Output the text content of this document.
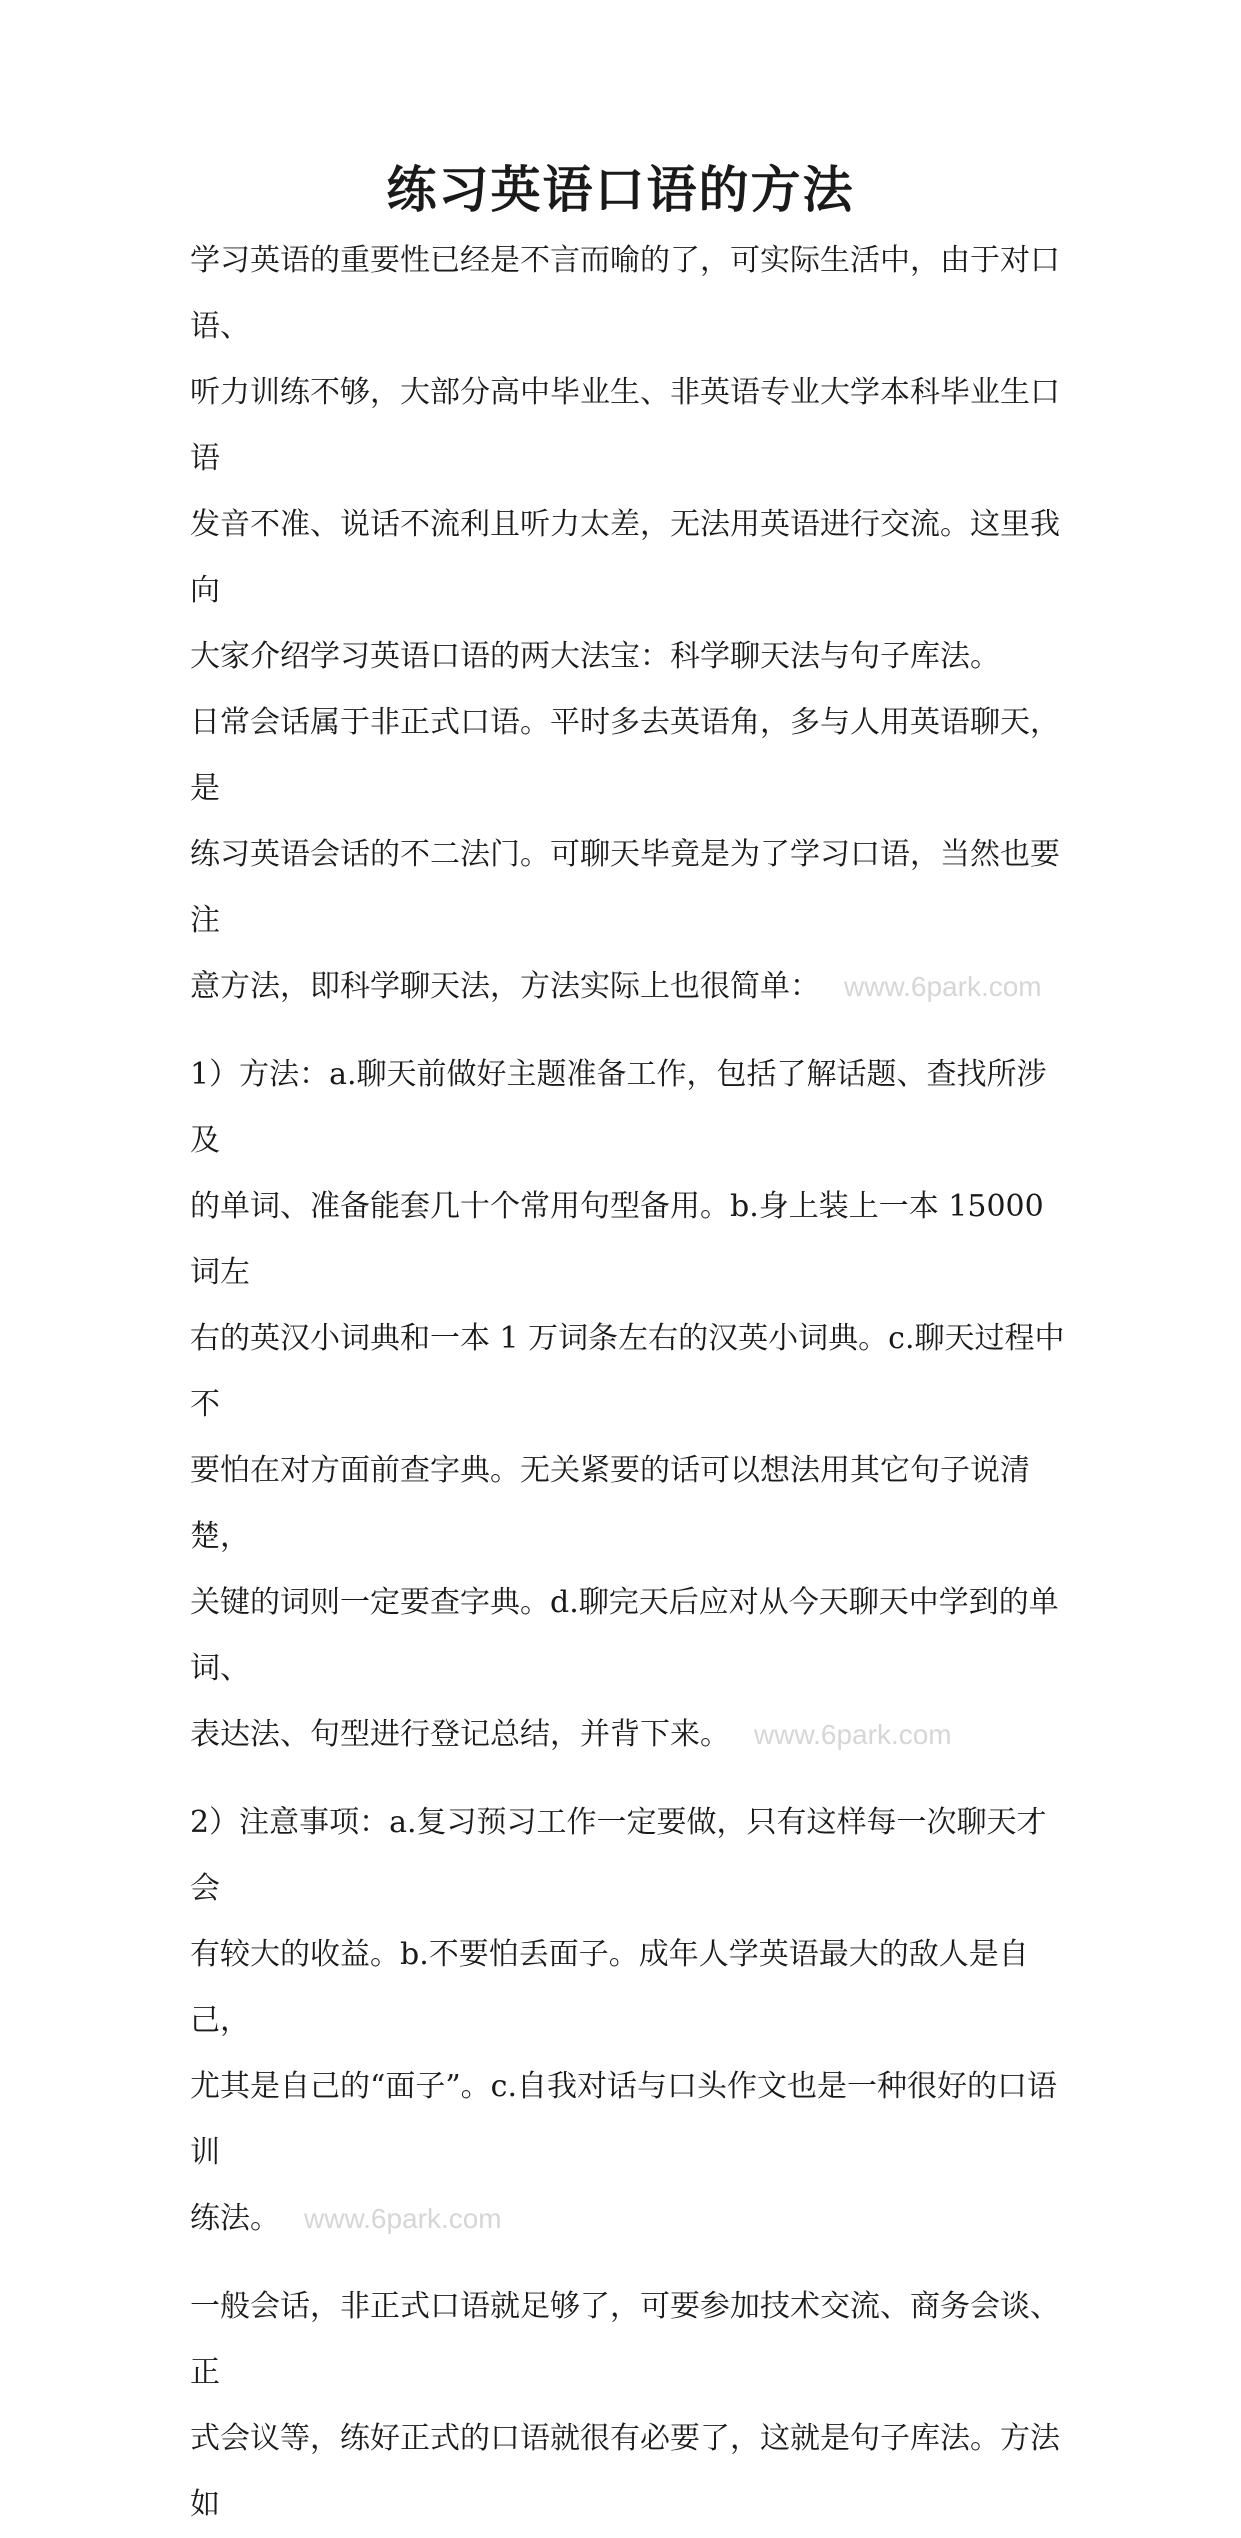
练习英语口语的方法

学习英语的重要性已经是不言而喻的了，可实际生活中，由于对口语、
听力训练不够，大部分高中毕业生、非英语专业大学本科毕业生口语
发音不准、说话不流利且听力太差，无法用英语进行交流。这里我向
大家介绍学习英语口语的两大法宝：科学聊天法与句子库法。

日常会话属于非正式口语。平时多去英语角，多与人用英语聊天，是
练习英语会话的不二法门。可聊天毕竟是为了学习口语，当然也要注
意方法，即科学聊天法，方法实际上也很简单： www.6park.com

1）方法：a.聊天前做好主题准备工作，包括了解话题、查找所涉及
的单词、准备能套几十个常用句型备用。b.身上装上一本 15000 词左
右的英汉小词典和一本 1 万词条左右的汉英小词典。c.聊天过程中不
要怕在对方面前查字典。无关紧要的话可以想法用其它句子说清楚，
关键的词则一定要查字典。d.聊完天后应对从今天聊天中学到的单词、
表达法、句型进行登记总结，并背下来。 www.6park.com

2）注意事项：a.复习预习工作一定要做，只有这样每一次聊天才会
有较大的收益。b.不要怕丢面子。成年人学英语最大的敌人是自己，
尤其是自己的“面子”。c.自我对话与口头作文也是一种很好的口语训
练法。 www.6park.com

一般会话，非正式口语就足够了，可要参加技术交流、商务会谈、正
式会议等，练好正式的口语就很有必要了，这就是句子库法。方法如
